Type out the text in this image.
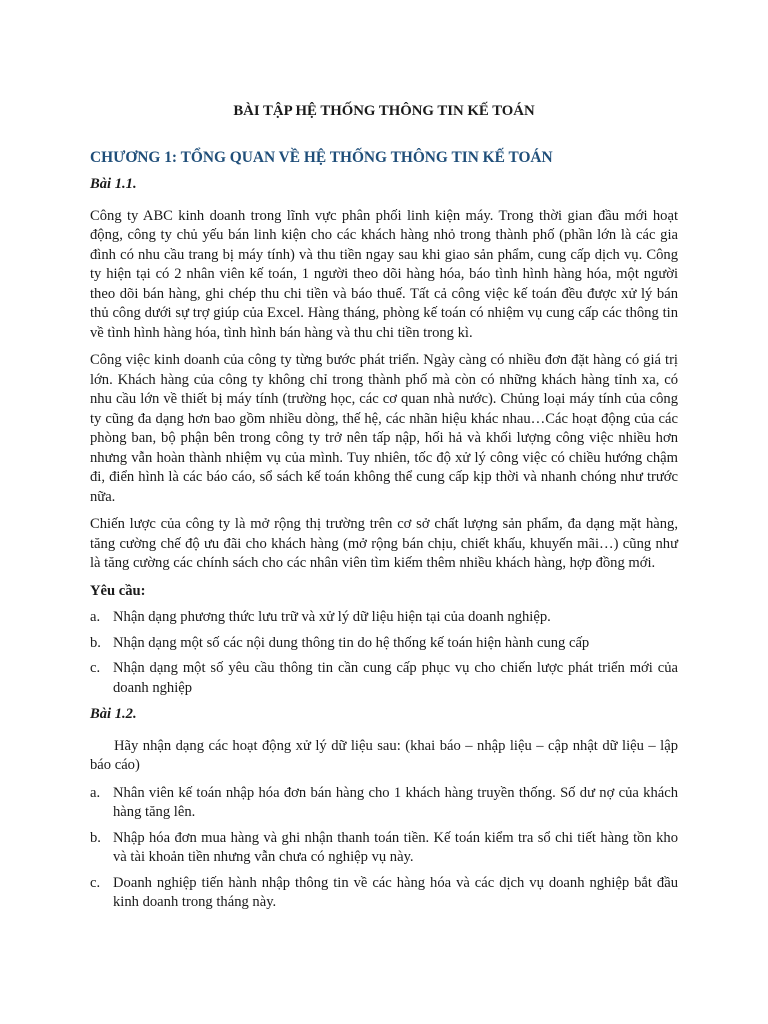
BÀI TẬP HỆ THỐNG THÔNG TIN KẾ TOÁN
CHƯƠNG 1: TỔNG QUAN VỀ HỆ THỐNG THÔNG TIN KẾ TOÁN
Bài 1.1.

Công ty ABC kinh doanh trong lĩnh vực phân phối linh kiện máy. Trong thời gian đầu mới hoạt động, công ty chủ yếu bán linh kiện cho các khách hàng nhỏ trong thành phố (phần lớn là các gia đình có nhu cầu trang bị máy tính) và thu tiền ngay sau khi giao sản phẩm, cung cấp dịch vụ. Công ty hiện tại có 2 nhân viên kế toán, 1 người theo dõi hàng hóa, báo tình hình hàng hóa, một người theo dõi bán hàng, ghi chép thu chi tiền và báo thuế. Tất cả công việc kế toán đều được xử lý bán thủ công dưới sự trợ giúp của Excel. Hàng tháng, phòng kế toán có nhiệm vụ cung cấp các thông tin về tình hình hàng hóa, tình hình bán hàng và thu chi tiền trong kì.

Công việc kinh doanh của công ty từng bước phát triển. Ngày càng có nhiều đơn đặt hàng có giá trị lớn. Khách hàng của công ty không chỉ trong thành phố mà còn có những khách hàng tỉnh xa, có nhu cầu lớn về thiết bị máy tính (trường học, các cơ quan nhà nước). Chủng loại máy tính của công ty cũng đa dạng hơn bao gồm nhiều dòng, thế hệ, các nhãn hiệu khác nhau…Các hoạt động của các phòng ban, bộ phận bên trong công ty trở nên tấp nập, hối hả và khối lượng công việc nhiều hơn nhưng vẫn hoàn thành nhiệm vụ của mình. Tuy nhiên, tốc độ xử lý công việc có chiều hướng chậm đi, điển hình là các báo cáo, sổ sách kế toán không thể cung cấp kịp thời và nhanh chóng như trước nữa.

Chiến lược của công ty là mở rộng thị trường trên cơ sở chất lượng sản phẩm, đa dạng mặt hàng, tăng cường chế độ ưu đãi cho khách hàng (mở rộng bán chịu, chiết khấu, khuyến mãi…) cũng như là tăng cường các chính sách cho các nhân viên tìm kiếm thêm nhiều khách hàng, hợp đồng mới.

Yêu cầu:
a. Nhận dạng phương thức lưu trữ và xử lý dữ liệu hiện tại của doanh nghiệp.
b. Nhận dạng một số các nội dung thông tin do hệ thống kế toán hiện hành cung cấp
c. Nhận dạng một số yêu cầu thông tin cần cung cấp phục vụ cho chiến lược phát triển mới của doanh nghiệp
Bài 1.2.

Hãy nhận dạng các hoạt động xử lý dữ liệu sau: (khai báo – nhập liệu – cập nhật dữ liệu – lập báo cáo)

a. Nhân viên kế toán nhập hóa đơn bán hàng cho 1 khách hàng truyền thống. Số dư nợ của khách hàng tăng lên.
b. Nhập hóa đơn mua hàng và ghi nhận thanh toán tiền. Kế toán kiểm tra sổ chi tiết hàng tồn kho và tài khoản tiền nhưng vẫn chưa có nghiệp vụ này.
c. Doanh nghiệp tiến hành nhập thông tin về các hàng hóa và các dịch vụ doanh nghiệp bắt đầu kinh doanh trong tháng này.
